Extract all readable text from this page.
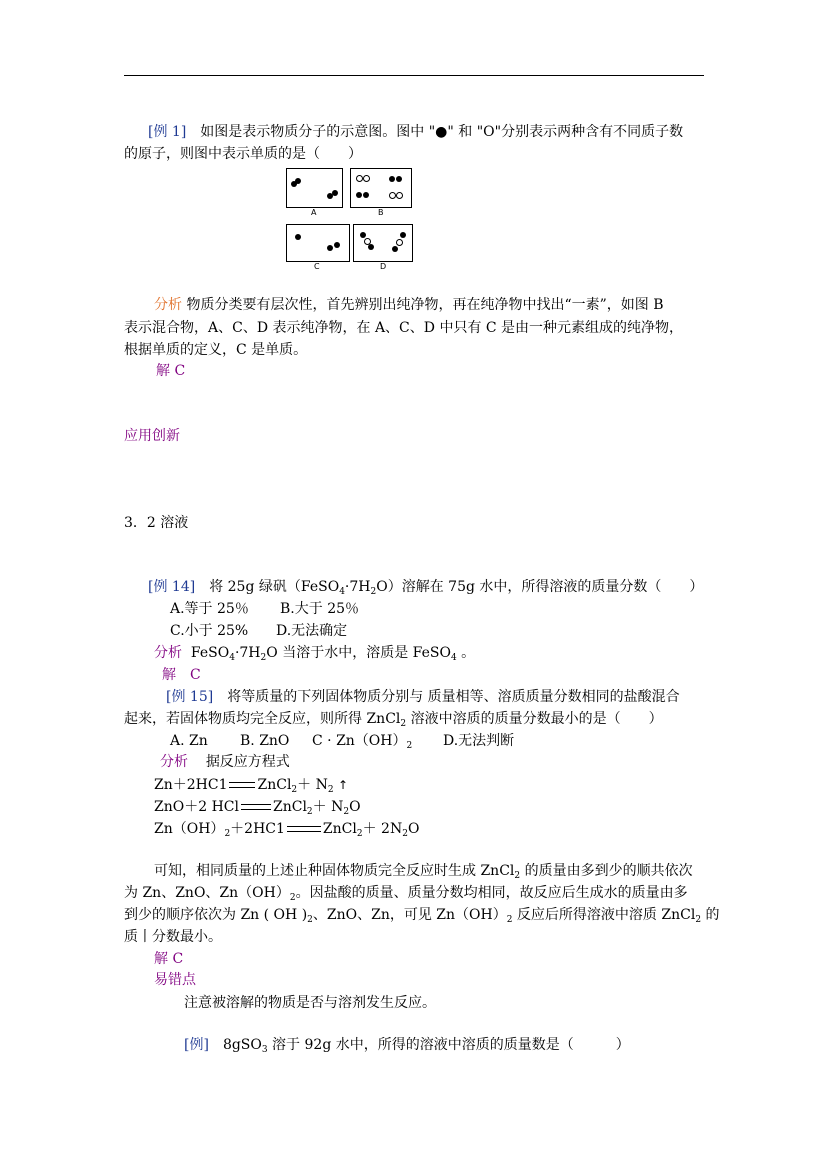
[例 1]　 如图是表示物质分子的示意图。图中 "●" 和 "O"分别表示两种含有不同质子数
的原子，则图中表示单质的是（　　）
A	B
C	D
分析 物质分类要有层次性，首先辨别出纯净物，再在纯净物中找出“一素”，如图 B
表示混合物，A、C、D 表示纯净物，在 A、C、D 中只有 C 是由一种元素组成的纯净物，
根据单质的定义，C 是单质。
解 C
应用创新
3．2 溶液
[例 14]　 将 25g 绿矾$(FeSO_4\cdot 7H_2O)$溶解在 75g 水中，所得溶液的质量分数（　　）
A.等于 25％ B.大于 25％
C.小于 25% D.无法确定
分析 $FeSO_4\cdot 7H_2O$ 当溶于水中，溶质是 FeSO$_4$ 。
解　C
[例 15]　 将等质量的下列固体物质分别与 质量相等、溶质质量分数相同的盐酸混合
起来，若固体物质均完全反应，则所得 ZnCl$_2$ 溶液中溶质的质量分数最小的是（　　）
A. Zn B. ZnO $C \cdot Zn(OH)_2$ D.无法判断
分析 据反应方程式
Zn＋2HC1 ZnCl$_2$＋ $N_2$ ↑
ZnO＋2 HCl ZnCl$_2$＋ $N_2O$
$Zn(OH)_2+2HC1$	ZnCl$_2$＋ $2N_2O$
可知，相同质量的上述止种固体物质完全反应时生成 ZnCl$_2$ 的质量由多到少的顺共依次
为 Zn、ZnO、$Zn(OH)_2$。因盐酸的质量、质量分数均相同，故反应后生成水的质量由多
到少的顺序依次为 Zn ( OH )$_2$、ZnO、Zn，可见 $Zn(OH)_2$ 反应后所得溶液中溶质 ZnCl$_2$ 的
质丨分数最小。
解 C
易错点
注意被溶解的物质是否与溶剂发生反应。
[例]　 8gSO$_3$ 溶于 92g 水中，所得的溶液中溶质的质量数是（　　　）
